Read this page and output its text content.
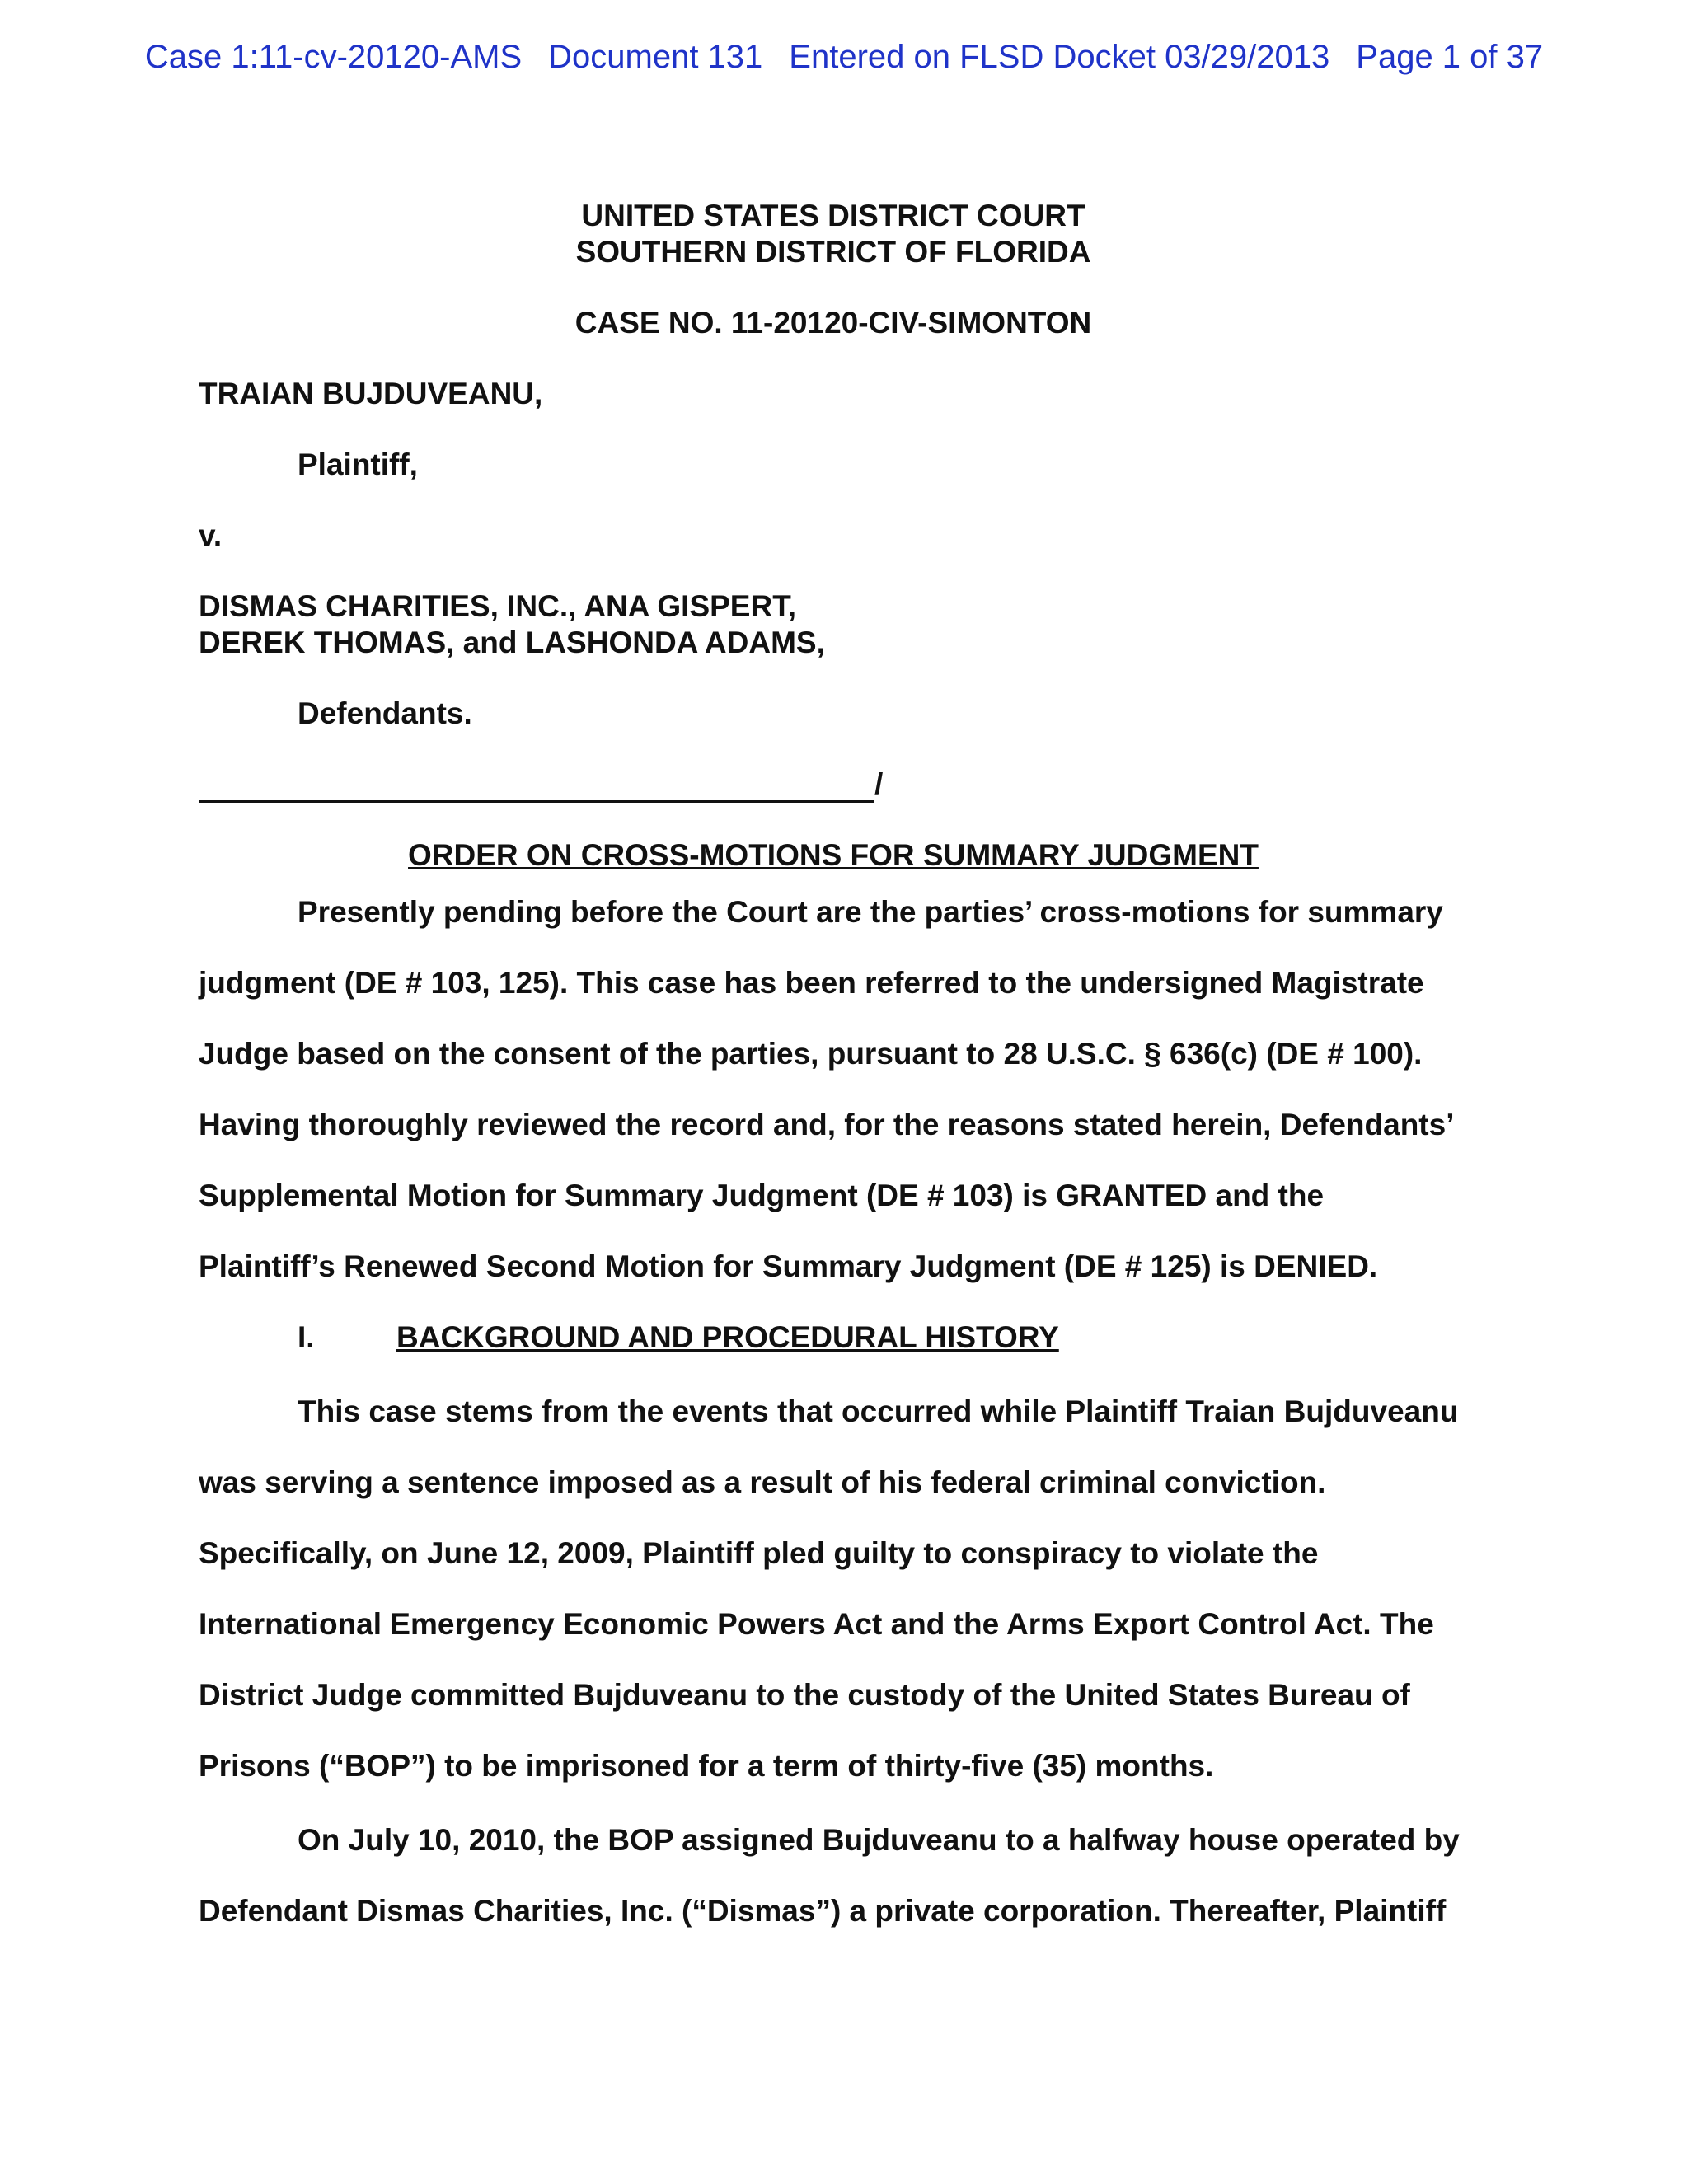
Case 1:11-cv-20120-AMS Document 131 Entered on FLSD Docket 03/29/2013 Page 1 of 37
UNITED STATES DISTRICT COURT
SOUTHERN DISTRICT OF FLORIDA
CASE NO. 11-20120-CIV-SIMONTON
TRAIAN BUJDUVEANU,
Plaintiff,
v.
DISMAS CHARITIES, INC., ANA GISPERT,
DEREK THOMAS, and LASHONDA ADAMS,
Defendants.
/
ORDER ON CROSS-MOTIONS FOR SUMMARY JUDGMENT
Presently pending before the Court are the parties’ cross-motions for summary judgment (DE # 103, 125). This case has been referred to the undersigned Magistrate Judge based on the consent of the parties, pursuant to 28 U.S.C. § 636(c) (DE # 100). Having thoroughly reviewed the record and, for the reasons stated herein, Defendants’ Supplemental Motion for Summary Judgment (DE # 103) is GRANTED and the Plaintiff’s Renewed Second Motion for Summary Judgment (DE # 125) is DENIED.
I.	BACKGROUND AND PROCEDURAL HISTORY
This case stems from the events that occurred while Plaintiff Traian Bujduveanu was serving a sentence imposed as a result of his federal criminal conviction. Specifically, on June 12, 2009, Plaintiff pled guilty to conspiracy to violate the International Emergency Economic Powers Act and the Arms Export Control Act. The District Judge committed Bujduveanu to the custody of the United States Bureau of Prisons (“BOP”) to be imprisoned for a term of thirty-five (35) months.
On July 10, 2010, the BOP assigned Bujduveanu to a halfway house operated by Defendant Dismas Charities, Inc. (“Dismas”) a private corporation. Thereafter, Plaintiff
